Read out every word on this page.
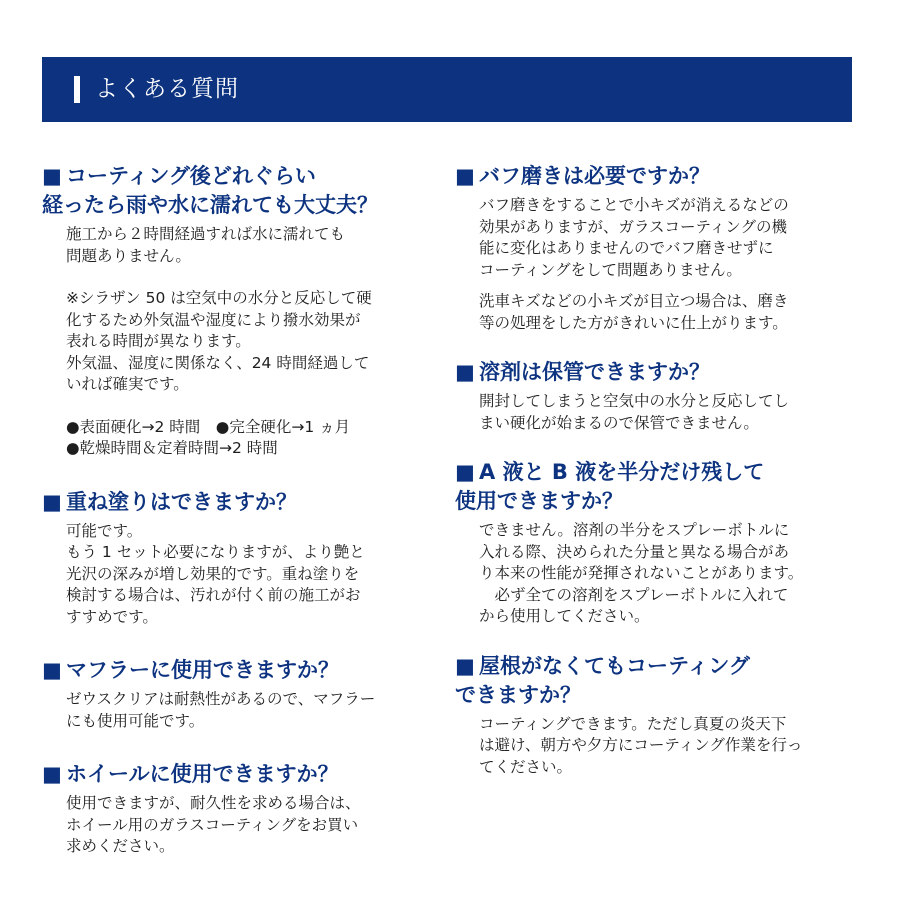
よくある質問
■ コーティング後どれぐらい
経ったら雨や水に濡れても大丈夫？

施工から２時間経過すれば水に濡れても

問題ありません。

※シラザン 50 は空気中の水分と反応して硬

化するため外気温や湿度により撥水効果が

表れる時間が異なります。

外気温、湿度に関係なく、24 時間経過して

いれば確実です。

●表面硬化→2 時間　●完全硬化→1 ヵ月

●乾燥時間＆定着時間→2 時間

■ 重ね塗りはできますか？

可能です。

もう 1 セット必要になりますが、より艶と

光沢の深みが増し効果的です。重ね塗りを

検討する場合は、汚れが付く前の施工がお

すすめです。

■ マフラーに使用できますか？

ゼウスクリアは耐熱性があるので、マフラー

にも使用可能です。

■ ホイールに使用できますか？

使用できますが、耐久性を求める場合は、

ホイール用のガラスコーティングをお買い

求めください。

■ バフ磨きは必要ですか？

バフ磨きをすることで小キズが消えるなどの

効果がありますが、ガラスコーティングの機

能に変化はありませんのでバフ磨きせずに

コーティングをして問題ありません。

洗車キズなどの小キズが目立つ場合は、磨き

等の処理をした方がきれいに仕上がります。

■ 溶剤は保管できますか？

開封してしまうと空気中の水分と反応してし

まい硬化が始まるので保管できません。

■ A 液と B 液を半分だけ残して
使用できますか？

できません。溶剤の半分をスプレーボトルに

入れる際、決められた分量と異なる場合があ

り本来の性能が発揮されないことがあります。

　必ず全ての溶剤をスプレーボトルに入れて

から使用してください。

■ 屋根がなくてもコーティング
できますか？

コーティングできます。ただし真夏の炎天下

は避け、朝方や夕方にコーティング作業を行っ

てください。
